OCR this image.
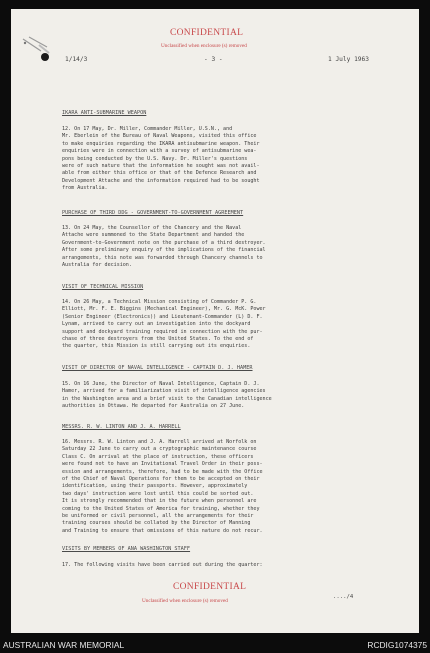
CONFIDENTIAL
Unclassified when enclosure (s) removed
1/14/3	- 3 -	1 July 1963
IKARA ANTI-SUBMARINE WEAPON
12. On 17 May, Dr. Miller, Commander Miller, U.S.N., and
Mr. Eberlein of the Bureau of Naval Weapons, visited this office
to make enquiries regarding the IKARA antisubmarine weapon. Their
enquiries were in connection with a survey of antisubmarine wea-
pons being conducted by the U.S. Navy. Dr. Miller's questions
were of such nature that the information he sought was not avail-
able from either this office or that of the Defence Research and
Development Attache and the information required had to be sought
from Australia.
PURCHASE OF THIRD DDG - GOVERNMENT-TO-GOVERNMENT AGREEMENT
13. On 24 May, the Counsellor of the Chancery and the Naval
Attache were summoned to the State Department and handed the
Government-to-Government note on the purchase of a third destroyer.
After some preliminary enquiry of the implications of the financial
arrangements, this note was forwarded through Chancery channels to
Australia for decision.
VISIT OF TECHNICAL MISSION
14. On 26 May, a Technical Mission consisting of Commander P. G.
Elliott, Mr. F. E. Biggins (Mechanical Engineer), Mr. G. McK. Power
(Senior Engineer (Electronics)) and Lieutenant-Commander (L) D. F.
Lynam, arrived to carry out an investigation into the dockyard
support and dockyard training required in connection with the pur-
chase of three destroyers from the United States. To the end of
the quarter, this Mission is still carrying out its enquiries.
VISIT OF DIRECTOR OF NAVAL INTELLIGENCE - CAPTAIN D. J. HAMER
15. On 16 June, the Director of Naval Intelligence, Captain D. J.
Hamer, arrived for a familiarization visit of intelligence agencies
in the Washington area and a brief visit to the Canadian intelligence
authorities in Ottawa. He departed for Australia on 27 June.
MESSRS. R. W. LINTON AND J. A. HARRELL
16. Messrs. R. W. Linton and J. A. Harrell arrived at Norfolk on
Saturday 22 June to carry out a cryptographic maintenance course
Class C. On arrival at the place of instruction, these officers
were found not to have an Invitational Travel Order in their poss-
ession and arrangements, therefore, had to be made with the Office
of the Chief of Naval Operations for them to be accepted on their
identification, using their passports. However, approximately
two days' instruction were lost until this could be sorted out.
It is strongly recommended that in the future when personnel are
coming to the United States of America for training, whether they
be uniformed or civil personnel, all the arrangements for their
training courses should be collated by the Director of Manning
and Training to ensure that omissions of this nature do not recur.
VISITS BY MEMBERS OF ANA WASHINGTON STAFF
17. The following visits have been carried out during the quarter:
CONFIDENTIAL
Unclassified when enclosure (s) removed
..../4
AUSTRALIAN WAR MEMORIAL	RCDIG1074375
